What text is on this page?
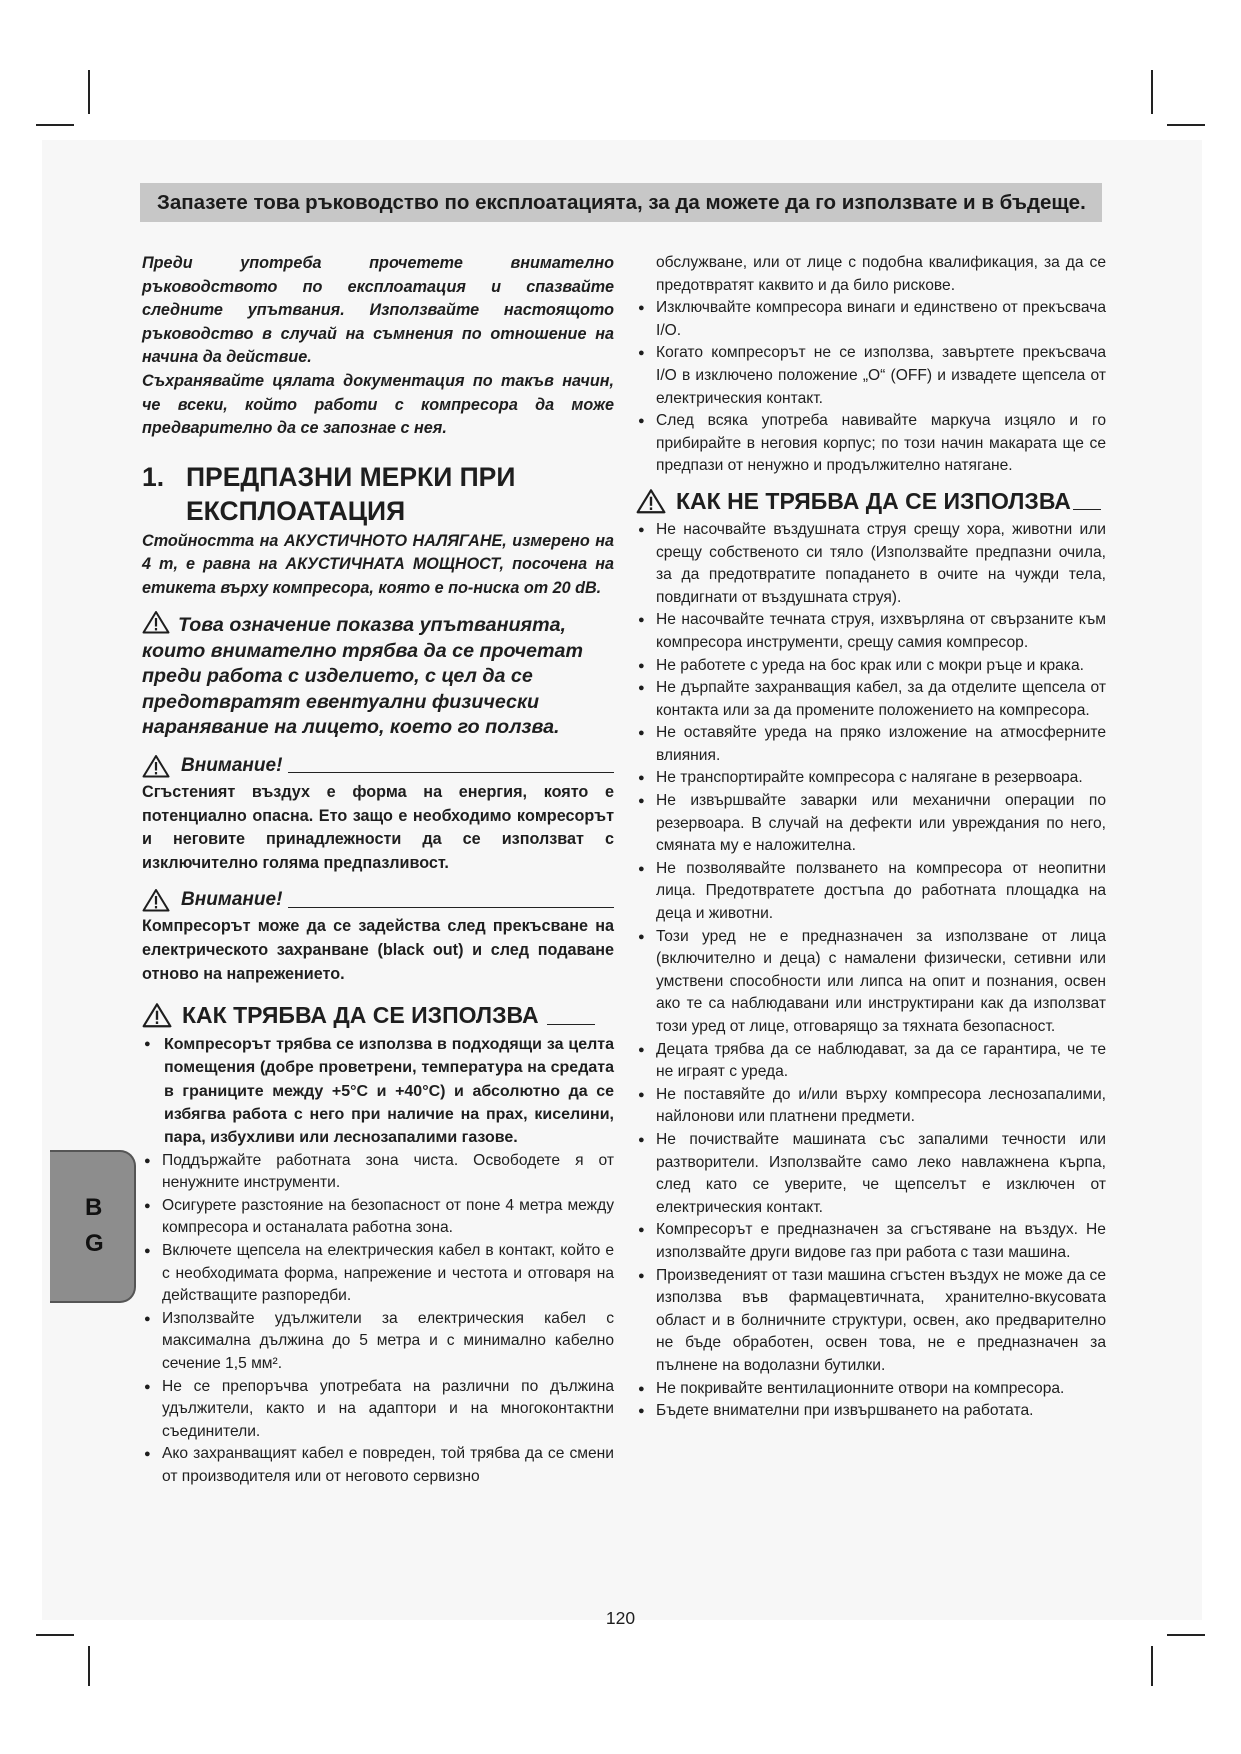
Запазете това ръководство по експлоатацията, за да можете да го използвате и в бъдеще.

Преди употреба прочетете внимателно ръководството по експлоатация и спазвайте следните упътвания. Използвайте настоящото ръководство в случай на съмнения по отношение на начина да действие.

Съхранявайте цялата документация по такъв начин, че всеки, който работи с компресора да може предварително да се запознае с нея.

1. ПРЕДПАЗНИ МЕРКИ ПРИ
ЕКСПЛОАТАЦИЯ

Стойността на АКУСТИЧНОТО НАЛЯГАНЕ, измерено на 4 m, е равна на АКУСТИЧНАТА МОЩНОСТ, посочена на етикета върху компресора, която е по-ниска от 20 dB.

Това означение показва упътванията, които внимателно трябва да се прочетат преди работа с изделието, с цел да се предотвратят евентуални физически наранявание на лицето, което го ползва.

Внимание!

Сгъстеният въздух е форма на енергия, която е потенциално опасна. Ето защо е необходимо кoмресорът и неговите принадлежности да се използват с изключително голяма предпазливост.

Внимание!

Компресорът може да се задейства след прекъсване на електрическото захранване (black out) и след подаване отново на напрежението.

КАК ТРЯБВА ДА СЕ ИЗПОЛЗВА
● Компресорът трябва се използва в подходящи за целта помещения (добре проветрени, температура на средата в границите между +5°C и +40°C) и абсолютно да се избягва работа с него при наличие на прах, киселини, пара, избухливи или леснозапалими газове.
● Поддържайте работната зона чиста. Освободете я от ненужните инструменти.
● Осигурете разстояние на безопасност от поне 4 метра между компресора и останалата работна зона.
● Включете щепсела на електрическия кабел в контакт, който е с необходимата форма, напрежение и честота и отговаря на действащите разпоредби.
● Използвайте удължители за електрическия кабел с максимална дължина до 5 метра и с минимално кабелно сечение 1,5 мм².
● Не се препоръчва употребата на различни по дължина удължители, както и на адаптори и на многоконтактни съединители.
● Ако захранващият кабел е повреден, той трябва да се смени от производителя или от неговото сервизно

обслужване, или от лице с подобна квалификация, за да се предотвратят каквито и да било рискове.

● Изключвайте компресора винаги и единствено от прекъсвача I/O.
● Когато компресорът не се използва, завъртете прекъсвача I/O в изключено положение „O“ (OFF) и извадете щепсела от електрическия контакт.
● След всяка употреба навивайте маркуча изцяло и го прибирайте в неговия корпус; по този начин макарата ще се предпази от ненужно и продължително натягане.
КАК НЕ ТРЯБВА ДА СЕ ИЗПОЛЗВА
● Не насочвайте въздушната струя срещу хора, животни или срещу собственото си тяло (Използвайте предпазни очила, за да предотвратите попадането в очите на чужди тела, повдигнати от въздушната струя).
● Не насочвайте течната струя, изхвърляна от свързаните към компресора инструменти, срещу самия компресор.
● Не работете с уреда на бос крак или с мокри ръце и крака.
● Не дърпайте захранващия кабел, за да отделите щепсела от контакта или за да промените положението на компресора.
● Не оставяйте уреда на пряко изложение на атмосферните влияния.
● Не транспортирайте компресора с налягане в резервоара.
● Не извършвайте заварки или механични операции по резервоара. В случай на дефекти или увреждания по него, смяната му е наложителна.
● Не позволявайте ползването на компресора от неопитни лица. Предотвратете достъпа до работната площадка на деца и животни.
● Този уред не е предназначен за използване от лица (включително и деца) с намалени физически, сетивни или умствени способности или липса на опит и познания, освен ако те са наблюдавани или инструктирани как да използват този уред от лице, отговарящо за тяхната безопасност.
● Децата трябва да се наблюдават, за да се гарантира, че те не играят с уреда.
● Не поставяйте до и/или върху компресора леснозапалими, найлонови или платнени предмети.
● Не почиствайте машината със запалими течности или разтворители. Използвайте само леко навлажнена кърпа, след като се уверите, че щепселът е изключен от електрическия контакт.
● Компресорът е предназначен за сгъстяване на въздух. Не използвайте други видове газ при работа с тази машина.
● Произведеният от тази машина сгъстен въздух не може да се използва във фармацевтичната, хранително-вкусовата област и в болничните структури, освен, ако предварително не бъде обработен, освен това, не е предназначен за пълнене на водолазни бутилки.
● Не покривайте вентилационните отвори на компресора.
● Бъдете внимателни при извършването на работата.
B
G
120
